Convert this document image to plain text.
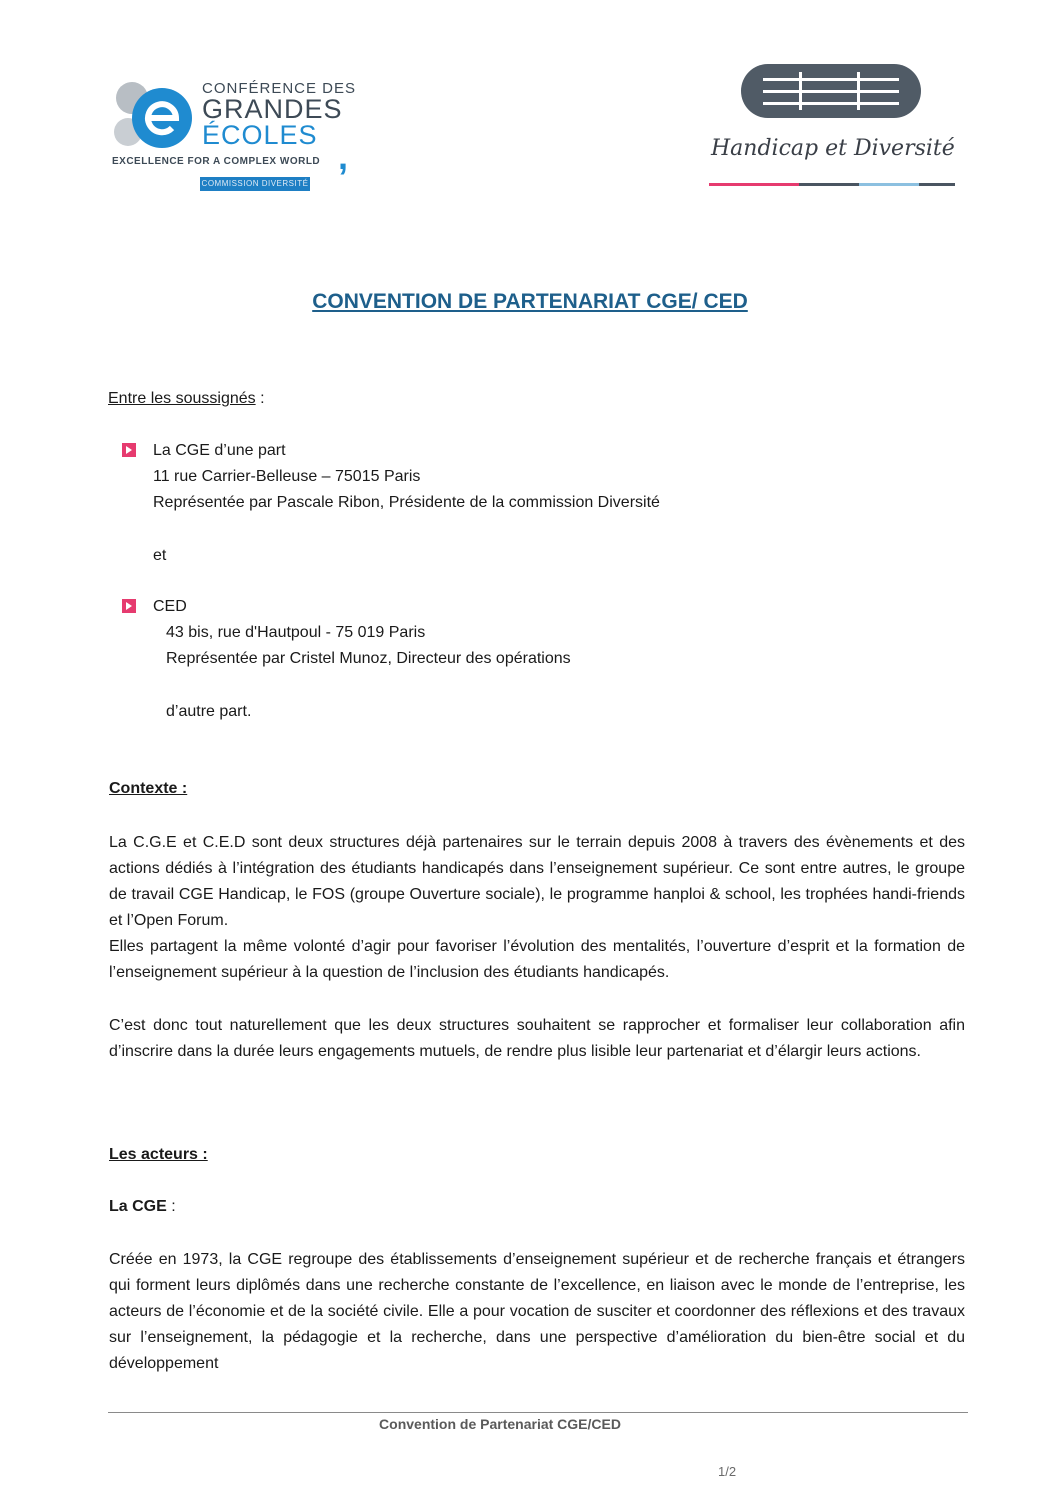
CONFÉRENCE DES
GRANDES
ÉCOLES
,
EXCELLENCE FOR A COMPLEX WORLD
COMMISSION DIVERSITÉ
Handicap et Diversité
CONVENTION DE PARTENARIAT CGE/ CED
Entre les soussignés :
La CGE d’une part
11 rue Carrier-Belleuse – 75015 Paris
Représentée par Pascale Ribon, Présidente de la commission Diversité
et
CED
43 bis, rue d'Hautpoul - 75 019 Paris
Représentée par Cristel Munoz, Directeur des opérations
d’autre part.
Contexte :
La C.G.E et C.E.D sont deux structures déjà partenaires sur le terrain depuis 2008 à travers des évènements et des actions dédiés à l’intégration des étudiants handicapés dans l’enseignement supérieur. Ce sont entre autres, le groupe de travail CGE Handicap, le FOS (groupe Ouverture sociale), le programme hanploi & school, les trophées handi-friends et l’Open Forum.
Elles partagent la même volonté d’agir pour favoriser l’évolution des mentalités, l’ouverture d’esprit et la formation de l’enseignement supérieur à la question de l’inclusion des étudiants handicapés.
C’est donc tout naturellement que les deux structures souhaitent se rapprocher et formaliser leur collaboration afin d’inscrire dans la durée leurs engagements mutuels, de rendre plus lisible leur partenariat et d’élargir leurs actions.
Les acteurs :
La CGE :
Créée en 1973, la CGE regroupe des établissements d’enseignement supérieur et de recherche français et étrangers qui forment leurs diplômés dans une recherche constante de l’excellence, en liaison avec le monde de l’entreprise, les acteurs de l’économie et de la société civile. Elle a pour vocation de susciter et coordonner des réflexions et des travaux sur l’enseignement, la pédagogie et la recherche, dans une perspective d’amélioration du bien-être social et du développement
Convention de Partenariat CGE/CED
1/2
